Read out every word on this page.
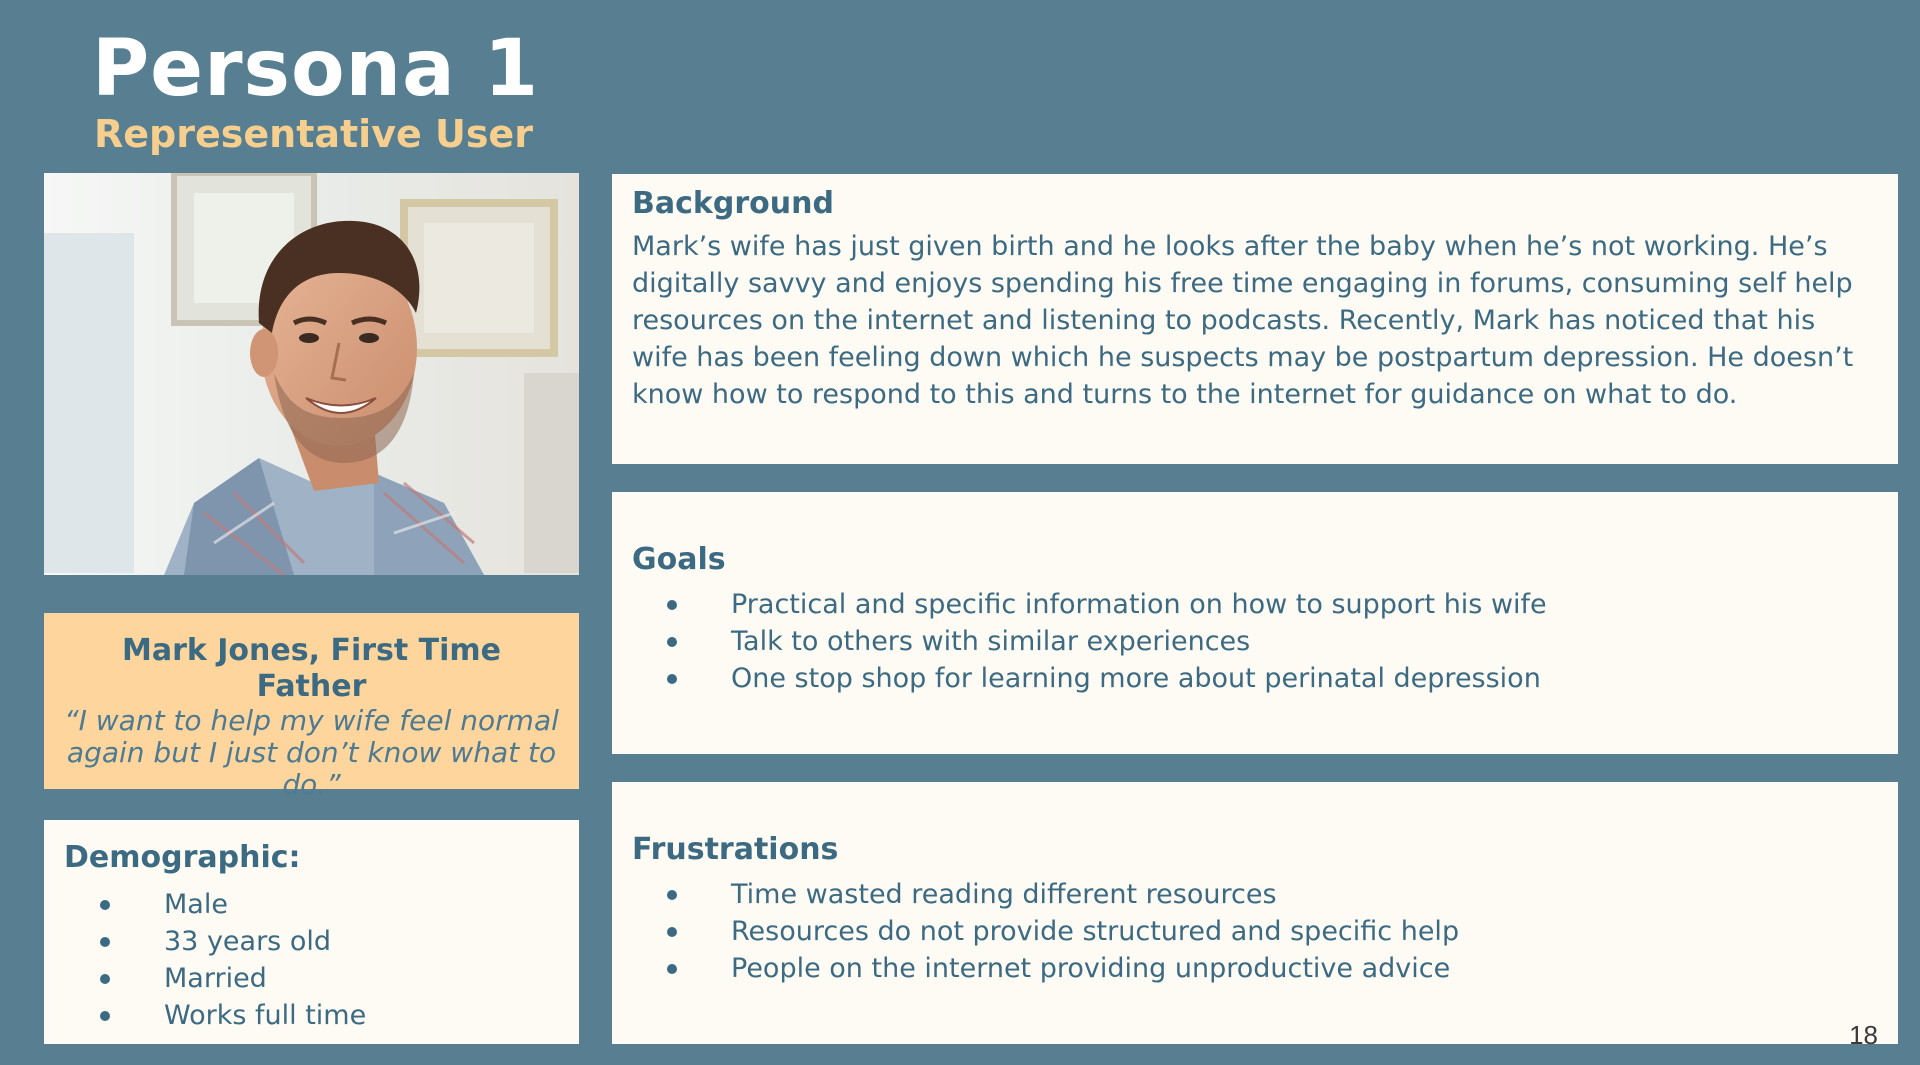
Persona 1
Representative User

Mark Jones, First Time Father

“I want to help my wife feel normal again but I just don’t know what to do.”

Demographic:

Male
33 years old
Married
Works full time

Background

Mark’s wife has just given birth and he looks after the baby when he’s not working. He’s digitally savvy and enjoys spending his free time engaging in forums, consuming self help resources on the internet and listening to podcasts. Recently, Mark has noticed that his wife has been feeling down which he suspects may be postpartum depression. He doesn’t know how to respond to this and turns to the internet for guidance on what to do.

Goals

Practical and specific information on how to support his wife
Talk to others with similar experiences
One stop shop for learning more about perinatal depression

Frustrations

Time wasted reading different resources
Resources do not provide structured and specific help
People on the internet providing unproductive advice
18
